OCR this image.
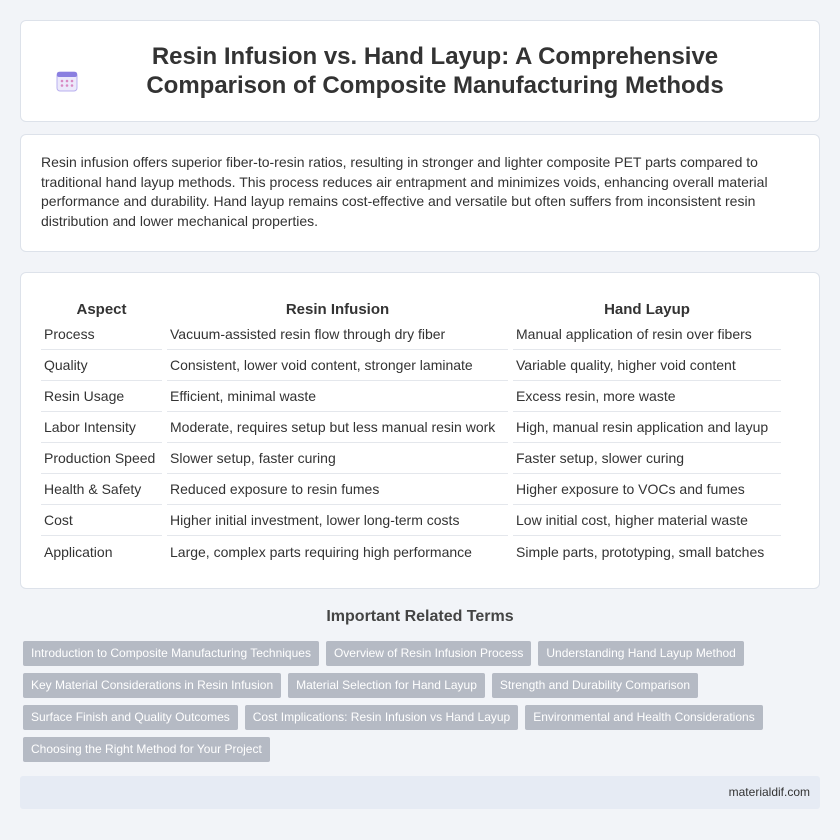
Resin Infusion vs. Hand Layup: A Comprehensive Comparison of Composite Manufacturing Methods

Resin infusion offers superior fiber-to-resin ratios, resulting in stronger and lighter composite PET parts compared to traditional hand layup methods. This process reduces air entrapment and minimizes voids, enhancing overall material performance and durability. Hand layup remains cost-effective and versatile but often suffers from inconsistent resin distribution and lower mechanical properties.

Aspect	Resin Infusion	Hand Layup
Process	Vacuum-assisted resin flow through dry fiber	Manual application of resin over fibers
Quality	Consistent, lower void content, stronger laminate	Variable quality, higher void content
Resin Usage	Efficient, minimal waste	Excess resin, more waste
Labor Intensity	Moderate, requires setup but less manual resin work	High, manual resin application and layup
Production Speed	Slower setup, faster curing	Faster setup, slower curing
Health & Safety	Reduced exposure to resin fumes	Higher exposure to VOCs and fumes
Cost	Higher initial investment, lower long-term costs	Low initial cost, higher material waste
Application	Large, complex parts requiring high performance	Simple parts, prototyping, small batches
Important Related Terms
Introduction to Composite Manufacturing Techniques	Overview of Resin Infusion Process	Understanding Hand Layup Method
Key Material Considerations in Resin Infusion	Material Selection for Hand Layup	Strength and Durability Comparison
Surface Finish and Quality Outcomes	Cost Implications: Resin Infusion vs Hand Layup	Environmental and Health Considerations
Choosing the Right Method for Your Project
materialdif.com
